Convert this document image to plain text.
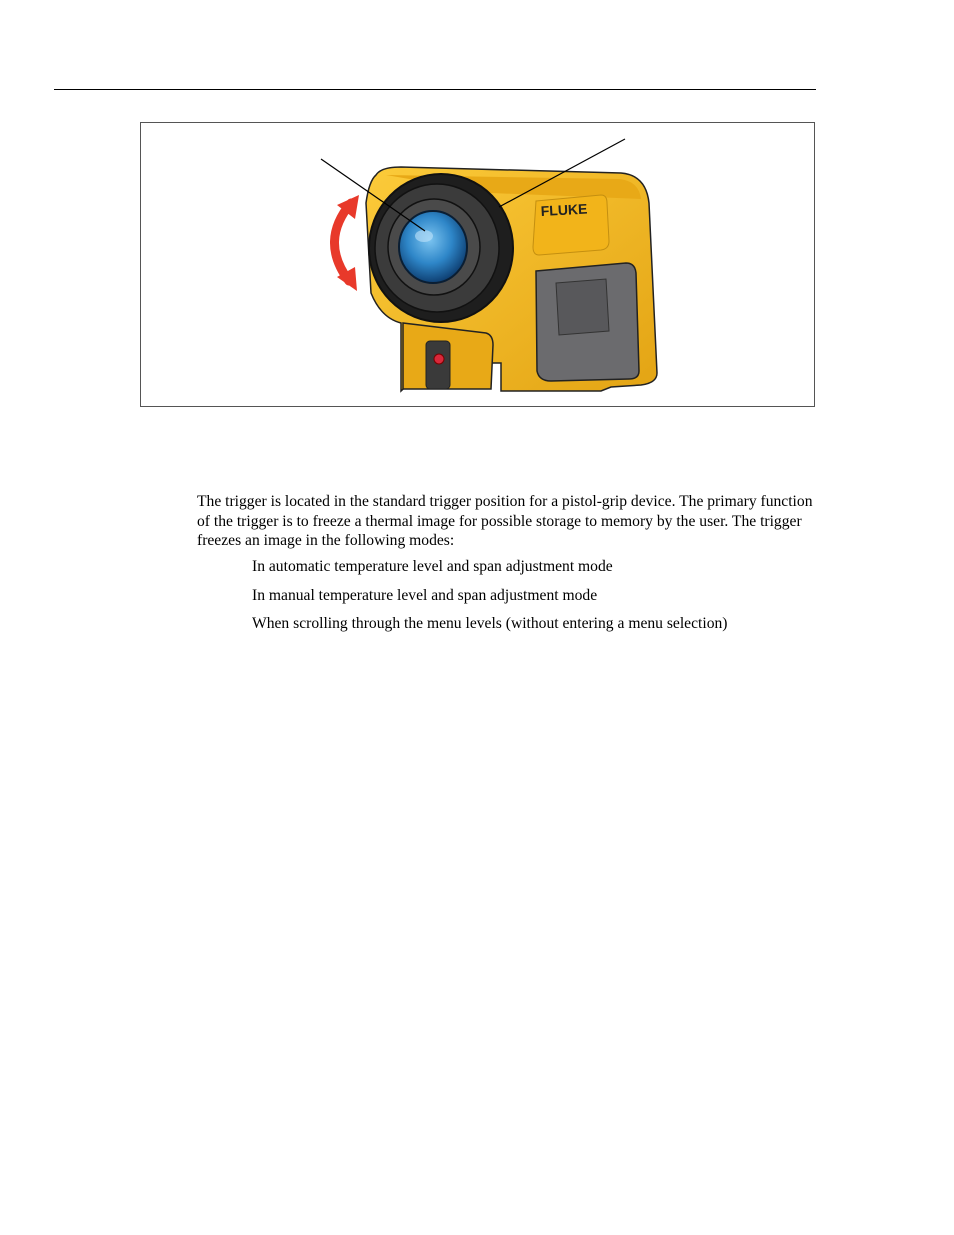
FLUKE

The trigger is located in the standard trigger position for a pistol-grip device. The primary function of the trigger is to freeze a thermal image for possible storage to memory by the user. The trigger freezes an image in the following modes:

In automatic temperature level and span adjustment mode
In manual temperature level and span adjustment mode
When scrolling through the menu levels (without entering a menu selection)
